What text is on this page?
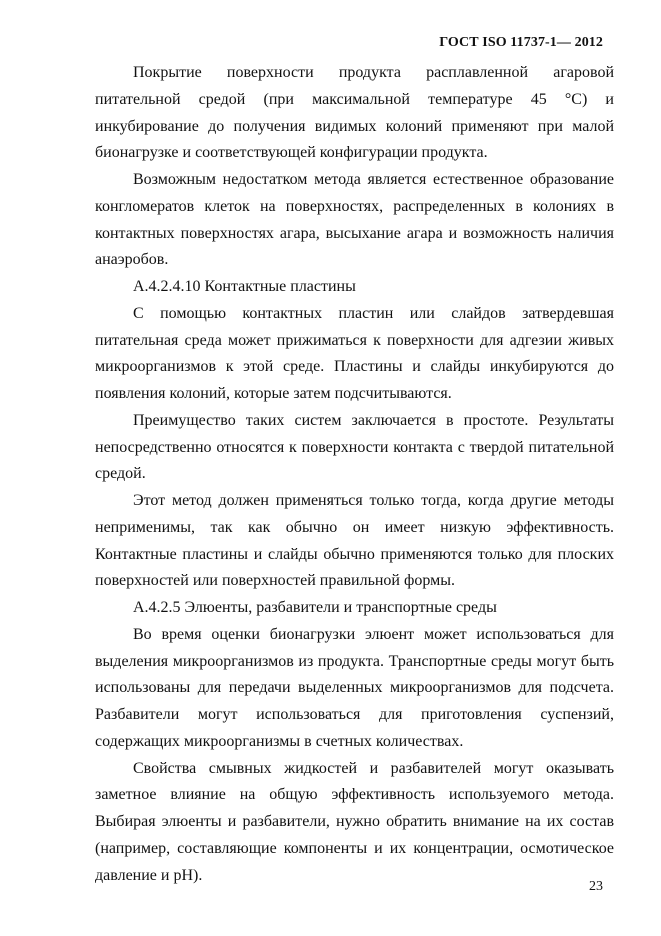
ГОСТ ISO 11737-1— 2012

Покрытие поверхности продукта расплавленной агаровой питательной средой (при максимальной температуре 45 °С) и инкубирование до получения видимых колоний применяют при малой бионагрузке и соответствующей конфигурации продукта.

Возможным недостатком метода является естественное образование конгломератов клеток на поверхностях, распределенных в колониях в контактных поверхностях агара, высыхание агара и возможность наличия анаэробов.

А.4.2.4.10 Контактные пластины

С помощью контактных пластин или слайдов затвердевшая питательная среда может прижиматься к поверхности для адгезии живых микроорганизмов к этой среде. Пластины и слайды инкубируются до появления колоний, которые затем подсчитываются.

Преимущество таких систем заключается в простоте. Результаты непосредственно относятся к поверхности контакта с твердой питательной средой.

Этот метод должен применяться только тогда, когда другие методы неприменимы, так как обычно он имеет низкую эффективность. Контактные пластины и слайды обычно применяются только для плоских поверхностей или поверхностей правильной формы.

А.4.2.5 Элюенты, разбавители и транспортные среды

Во время оценки бионагрузки элюент может использоваться для выделения микроорганизмов из продукта. Транспортные среды могут быть использованы для передачи выделенных микроорганизмов для подсчета. Разбавители могут использоваться для приготовления суспензий, содержащих микроорганизмы в счетных количествах.

Свойства смывных жидкостей и разбавителей могут оказывать заметное влияние на общую эффективность используемого метода. Выбирая элюенты и разбавители, нужно обратить внимание на их состав (например, составляющие компоненты и их концентрации, осмотическое давление и pH).

23
